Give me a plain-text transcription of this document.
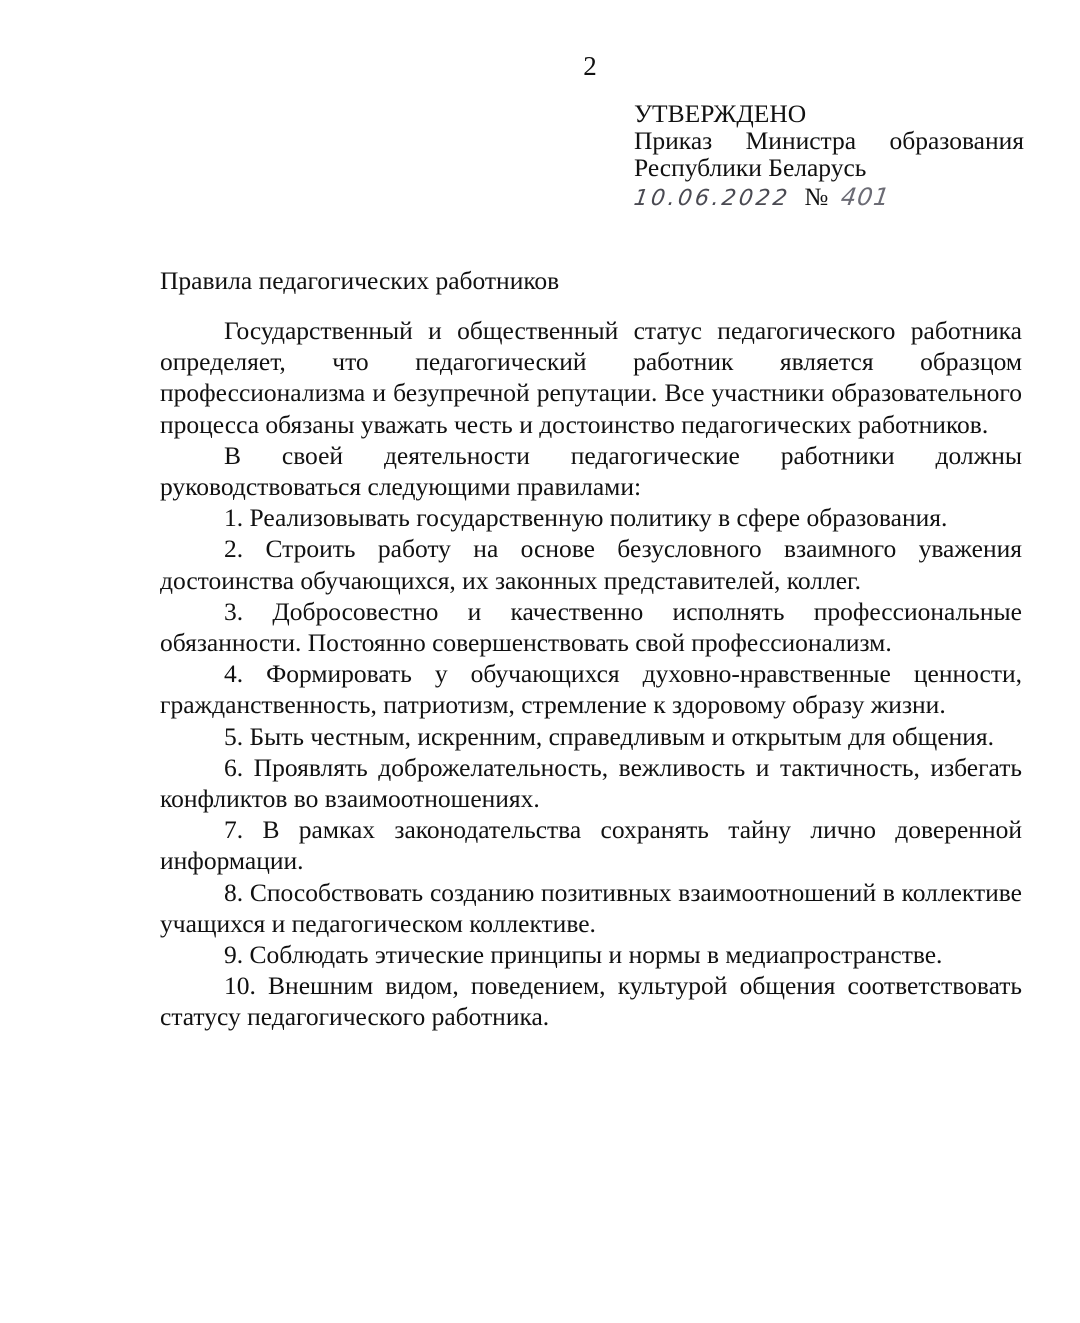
2
УТВЕРЖДЕНО
Приказ Министра образования
Республики Беларусь
10.06.2022 № 401
Правила педагогических работников

Государственный и общественный статус педагогического работника определяет, что педагогический работник является образцом профессионализма и безупречной репутации. Все участники образовательного процесса обязаны уважать честь и достоинство педагогических работников.

В своей деятельности педагогические работники должны руководствоваться следующими правилами:

1. Реализовывать государственную политику в сфере образования.

2. Строить работу на основе безусловного взаимного уважения достоинства обучающихся, их законных представителей, коллег.

3. Добросовестно и качественно исполнять профессиональные обязанности. Постоянно совершенствовать свой профессионализм.

4. Формировать у обучающихся духовно-нравственные ценности, гражданственность, патриотизм, стремление к здоровому образу жизни.

5. Быть честным, искренним, справедливым и открытым для общения.

6. Проявлять доброжелательность, вежливость и тактичность, избегать конфликтов во взаимоотношениях.

7. В рамках законодательства сохранять тайну лично доверенной информации.

8. Способствовать созданию позитивных взаимоотношений в коллективе учащихся и педагогическом коллективе.

9. Соблюдать этические принципы и нормы в медиапространстве.

10. Внешним видом, поведением, культурой общения соответствовать статусу педагогического работника.
